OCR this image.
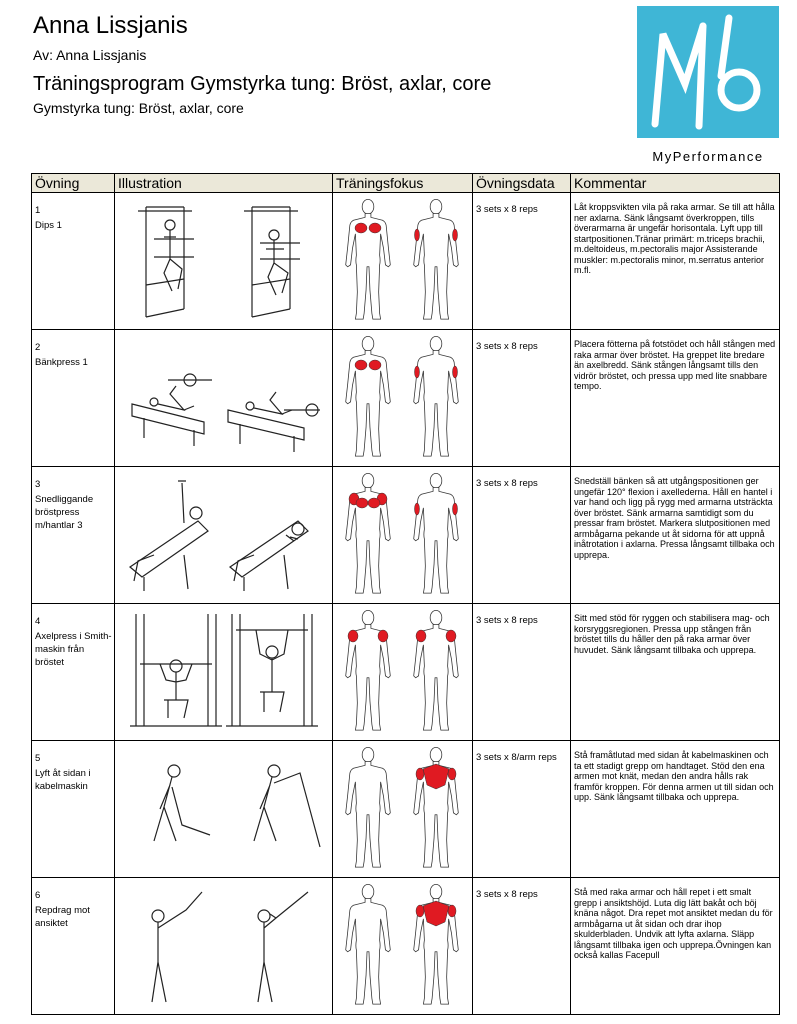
Anna Lissjanis
Av: Anna Lissjanis
Träningsprogram Gymstyrka tung: Bröst, axlar, core
Gymstyrka tung: Bröst, axlar, core
MyPerformance
Övning	Illustration	Träningsfokus	Övningsdata	Kommentar

1
Dips 1			3 sets x 8 reps	Låt kroppsvikten vila på raka armar. Se till att hålla ner axlarna. Sänk långsamt överkroppen, tills överarmarna är ungefär horisontala. Lyft upp till startpositionen.Tränar primärt: m.triceps brachii, m.deltoideus, m.pectoralis major Assisterande muskler: m.pectoralis minor, m.serratus anterior m.fl.

2
Bänkpress 1			3 sets x 8 reps	Placera fötterna på fotstödet och håll stången med raka armar över bröstet. Ha greppet lite bredare än axelbredd. Sänk stången långsamt tills den vidrör bröstet, och pressa upp med lite snabbare tempo.

3
Snedliggande bröstpress m/hantlar 3			3 sets x 8 reps	Snedställ bänken så att utgångspositionen ger ungefär 120° flexion i axellederna. Håll en hantel i var hand och ligg på rygg med armarna utsträckta över bröstet. Sänk armarna samtidigt som du pressar fram bröstet. Markera slutpositionen med armbågarna pekande ut åt sidorna för att uppnå inåtrotation i axlarna. Pressa långsamt tillbaka och upprepa.

4
Axelpress i Smith-maskin från bröstet			3 sets x 8 reps	Sitt med stöd för ryggen och stabilisera mag- och korsryggsregionen. Pressa upp stången från bröstet tills du håller den på raka armar över huvudet. Sänk långsamt tillbaka och upprepa.

5
Lyft åt sidan i kabelmaskin			3 sets x 8/arm reps	Stå framåtlutad med sidan åt kabelmaskinen och ta ett stadigt grepp om handtaget. Stöd den ena armen mot knät, medan den andra hålls rak framför kroppen. För denna armen ut till sidan och upp. Sänk långsamt tillbaka och upprepa.

6
Repdrag mot ansiktet			3 sets x 8 reps	Stå med raka armar och håll repet i ett smalt grepp i ansiktshöjd. Luta dig lätt bakåt och böj knäna något. Dra repet mot ansiktet medan du för armbågarna ut åt sidan och drar ihop skulderbladen. Undvik att lyfta axlarna. Släpp långsamt tillbaka igen och upprepa.Övningen kan också kallas Facepull
